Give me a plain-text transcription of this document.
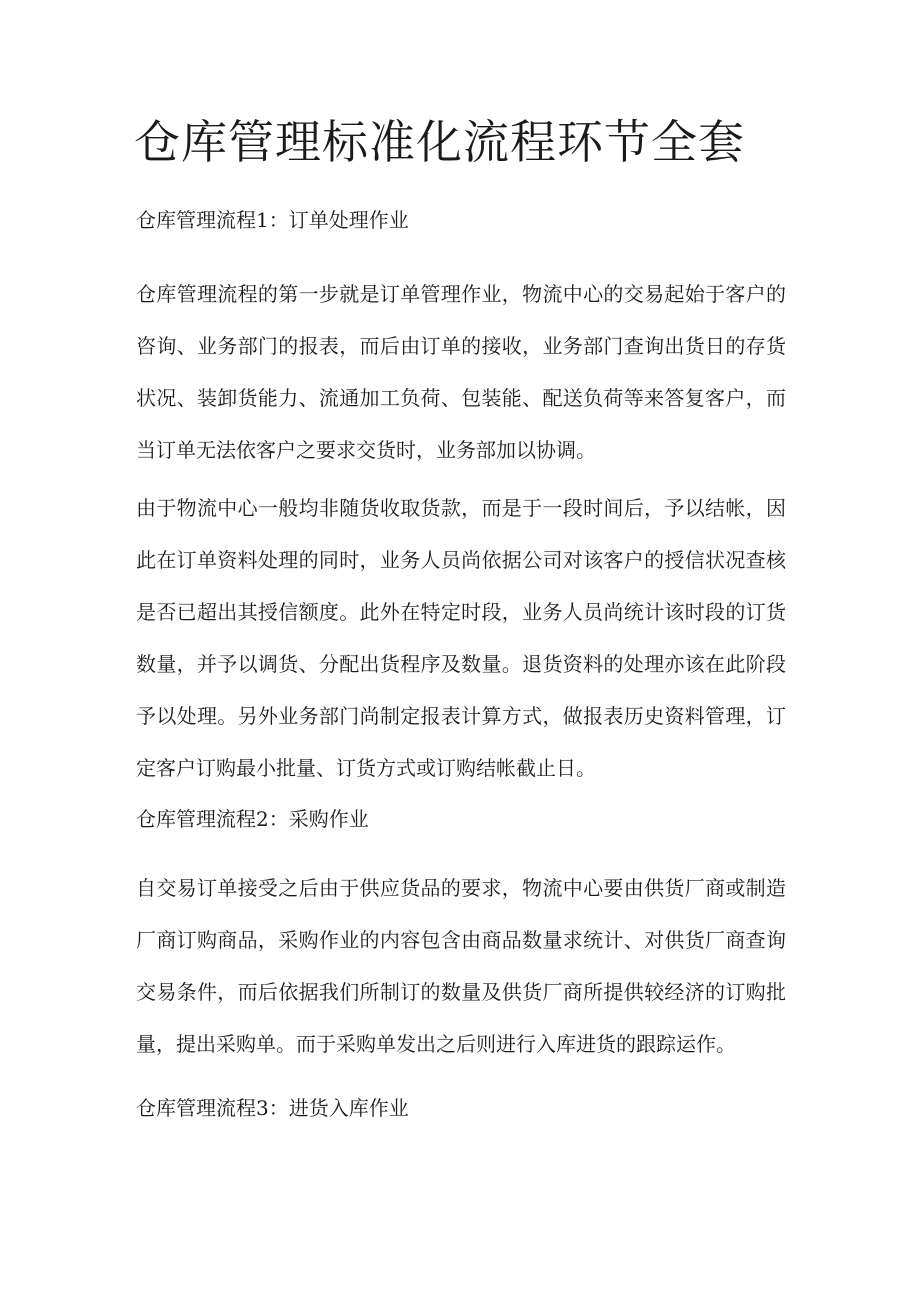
仓库管理标准化流程环节全套
仓库管理流程1：订单处理作业

仓库管理流程的第一步就是订单管理作业，物流中心的交易起始于客户的
咨询、业务部门的报表，而后由订单的接收，业务部门查询出货日的存货
状况、装卸货能力、流通加工负荷、包装能、配送负荷等来答复客户，而
当订单无法依客户之要求交货时，业务部加以协调。

由于物流中心一般均非随货收取货款，而是于一段时间后，予以结帐，因
此在订单资料处理的同时，业务人员尚依据公司对该客户的授信状况查核
是否已超出其授信额度。此外在特定时段，业务人员尚统计该时段的订货
数量，并予以调货、分配出货程序及数量。退货资料的处理亦该在此阶段
予以处理。另外业务部门尚制定报表计算方式，做报表历史资料管理，订
定客户订购最小批量、订货方式或订购结帐截止日。

仓库管理流程2：采购作业

自交易订单接受之后由于供应货品的要求，物流中心要由供货厂商或制造
厂商订购商品，采购作业的内容包含由商品数量求统计、对供货厂商查询
交易条件，而后依据我们所制订的数量及供货厂商所提供较经济的订购批
量，提出采购单。而于采购单发出之后则进行入库进货的跟踪运作。

仓库管理流程3：进货入库作业
